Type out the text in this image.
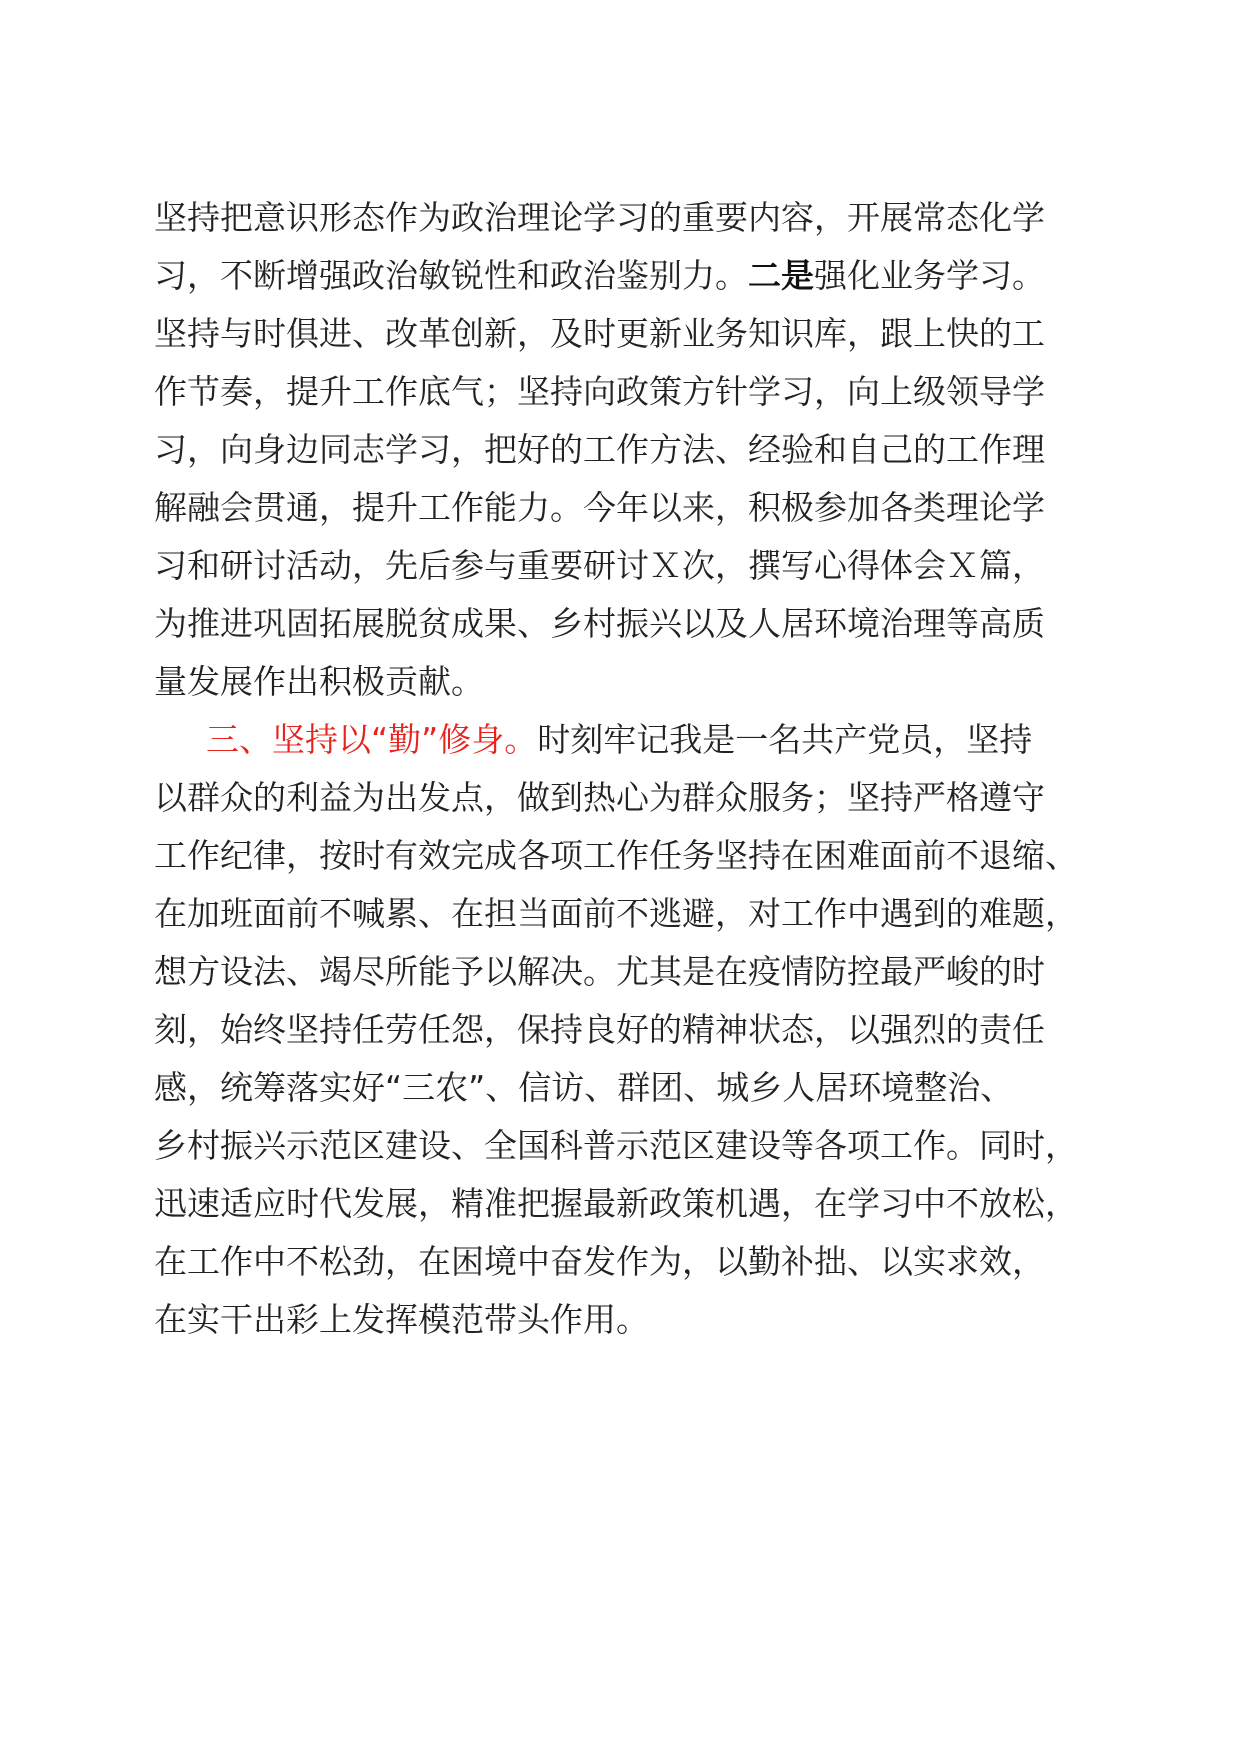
坚持把意识形态作为政治理论学习的重要内容，开展常态化学
习，不断增强政治敏锐性和政治鉴别力。二是强化业务学习。
坚持与时俱进、改革创新，及时更新业务知识库，跟上快的工
作节奏，提升工作底气；坚持向政策方针学习，向上级领导学
习，向身边同志学习，把好的工作方法、经验和自己的工作理
解融会贯通，提升工作能力。今年以来，积极参加各类理论学
习和研讨活动，先后参与重要研讨Ｘ次，撰写心得体会Ｘ篇，
为推进巩固拓展脱贫成果、乡村振兴以及人居环境治理等高质
量发展作出积极贡献。
三、坚持以“勤”修身。时刻牢记我是一名共产党员，坚持
以群众的利益为出发点，做到热心为群众服务；坚持严格遵守
工作纪律，按时有效完成各项工作任务坚持在困难面前不退缩、
在加班面前不喊累、在担当面前不逃避，对工作中遇到的难题，
想方设法、竭尽所能予以解决。尤其是在疫情防控最严峻的时
刻，始终坚持任劳任怨，保持良好的精神状态，以强烈的责任
感，统筹落实好“三农”、信访、群团、城乡人居环境整治、
乡村振兴示范区建设、全国科普示范区建设等各项工作。同时，
迅速适应时代发展，精准把握最新政策机遇，在学习中不放松，
在工作中不松劲，在困境中奋发作为，以勤补拙、以实求效，
在实干出彩上发挥模范带头作用。
